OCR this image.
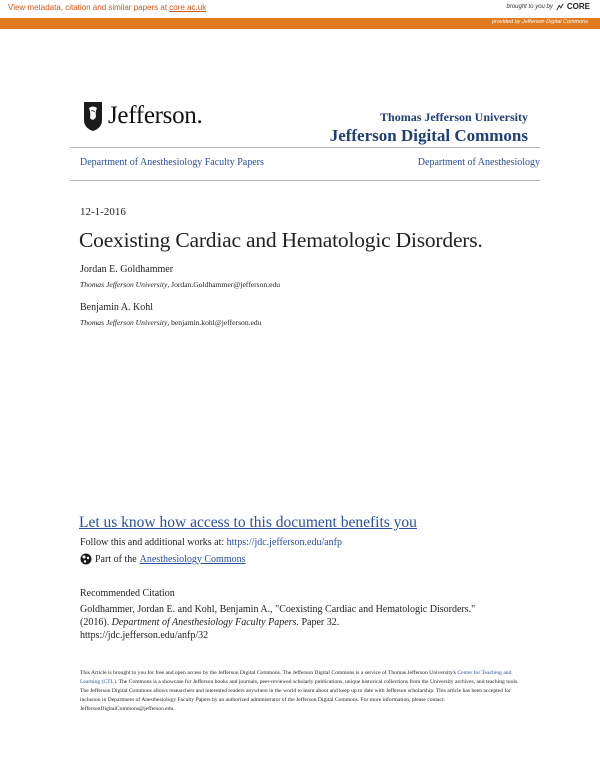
View metadata, citation and similar papers at core.ac.uk	brought to you by CORE
provided by Jefferson Digital Commons
Jefferson.	Thomas Jefferson University
Jefferson Digital Commons
Department of Anesthesiology Faculty Papers	Department of Anesthesiology
12-1-2016
Coexisting Cardiac and Hematologic Disorders.
Jordan E. Goldhammer
Thomas Jefferson University, Jordan.Goldhammer@jefferson.edu
Benjamin A. Kohl
Thomas Jefferson University, benjamin.kohl@jefferson.edu
Let us know how access to this document benefits you
Follow this and additional works at: https://jdc.jefferson.edu/anfp
Part of the Anesthesiology Commons
Recommended Citation
Goldhammer, Jordan E. and Kohl, Benjamin A., "Coexisting Cardiac and Hematologic Disorders."
(2016). Department of Anesthesiology Faculty Papers. Paper 32.
https://jdc.jefferson.edu/anfp/32
This Article is brought to you for free and open access by the Jefferson Digital Commons. The Jefferson Digital Commons is a service of Thomas Jefferson University's Center for Teaching and Learning (CTL). The Commons is a showcase for Jefferson books and journals, peer-reviewed scholarly publications, unique historical collections from the University archives, and teaching tools. The Jefferson Digital Commons allows researchers and interested readers anywhere in the world to learn about and keep up to date with Jefferson scholarship. This article has been accepted for inclusion in Department of Anesthesiology Faculty Papers by an authorized administrator of the Jefferson Digital Commons. For more information, please contact: JeffersonDigitalCommons@jefferson.edu.
